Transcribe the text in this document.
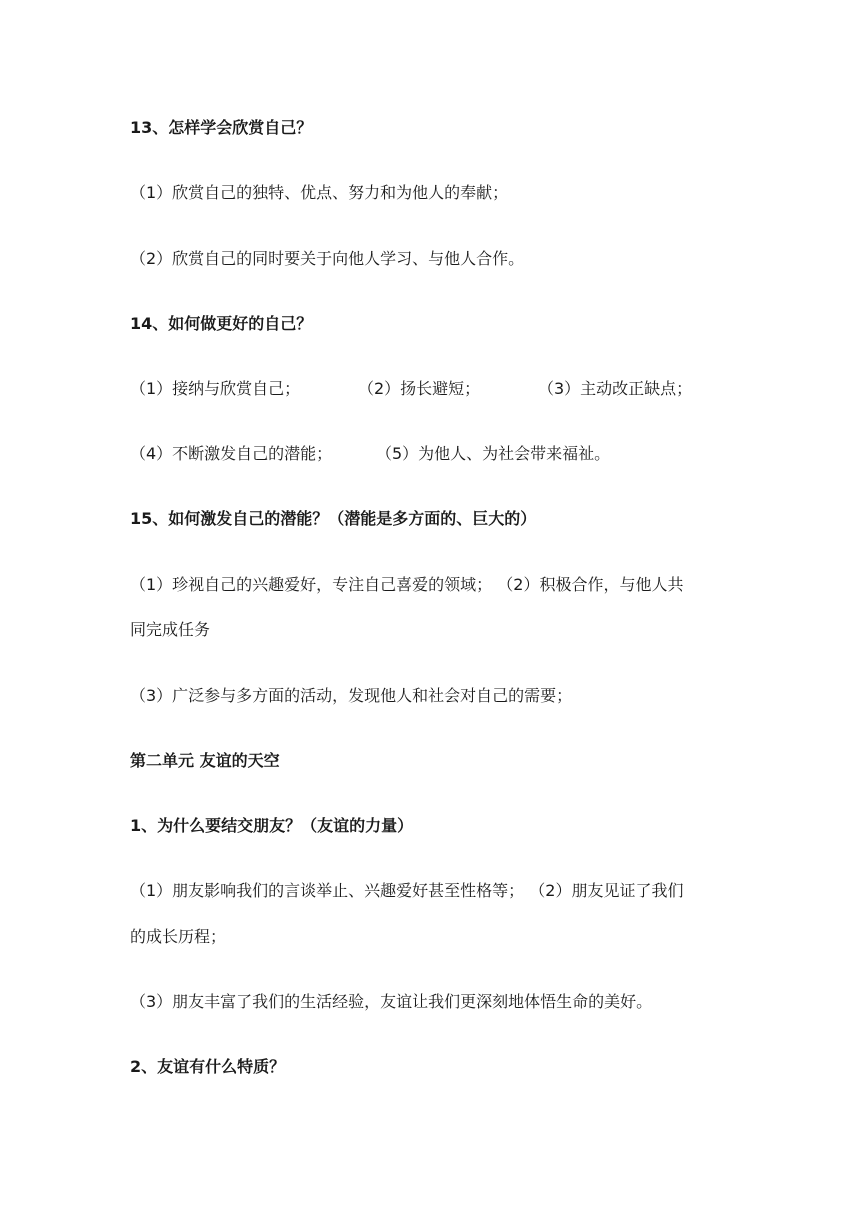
13、怎样学会欣赏自己？
（1）欣赏自己的独特、优点、努力和为他人的奉献；
（2）欣赏自己的同时要关于向他人学习、与他人合作。
14、如何做更好的自己？
（1）接纳与欣赏自己；	（2）扬长避短；	（3）主动改正缺点；
（4）不断激发自己的潜能；	（5）为他人、为社会带来福祉。
15、如何激发自己的潜能？（潜能是多方面的、巨大的）
（1）珍视自己的兴趣爱好，专注自己喜爱的领域； （2）积极合作，与他人共
同完成任务
（3）广泛参与多方面的活动，发现他人和社会对自己的需要；
第二单元 友谊的天空
1、为什么要结交朋友？（友谊的力量）
（1）朋友影响我们的言谈举止、兴趣爱好甚至性格等； （2）朋友见证了我们
的成长历程；
（3）朋友丰富了我们的生活经验，友谊让我们更深刻地体悟生命的美好。
2、友谊有什么特质？
